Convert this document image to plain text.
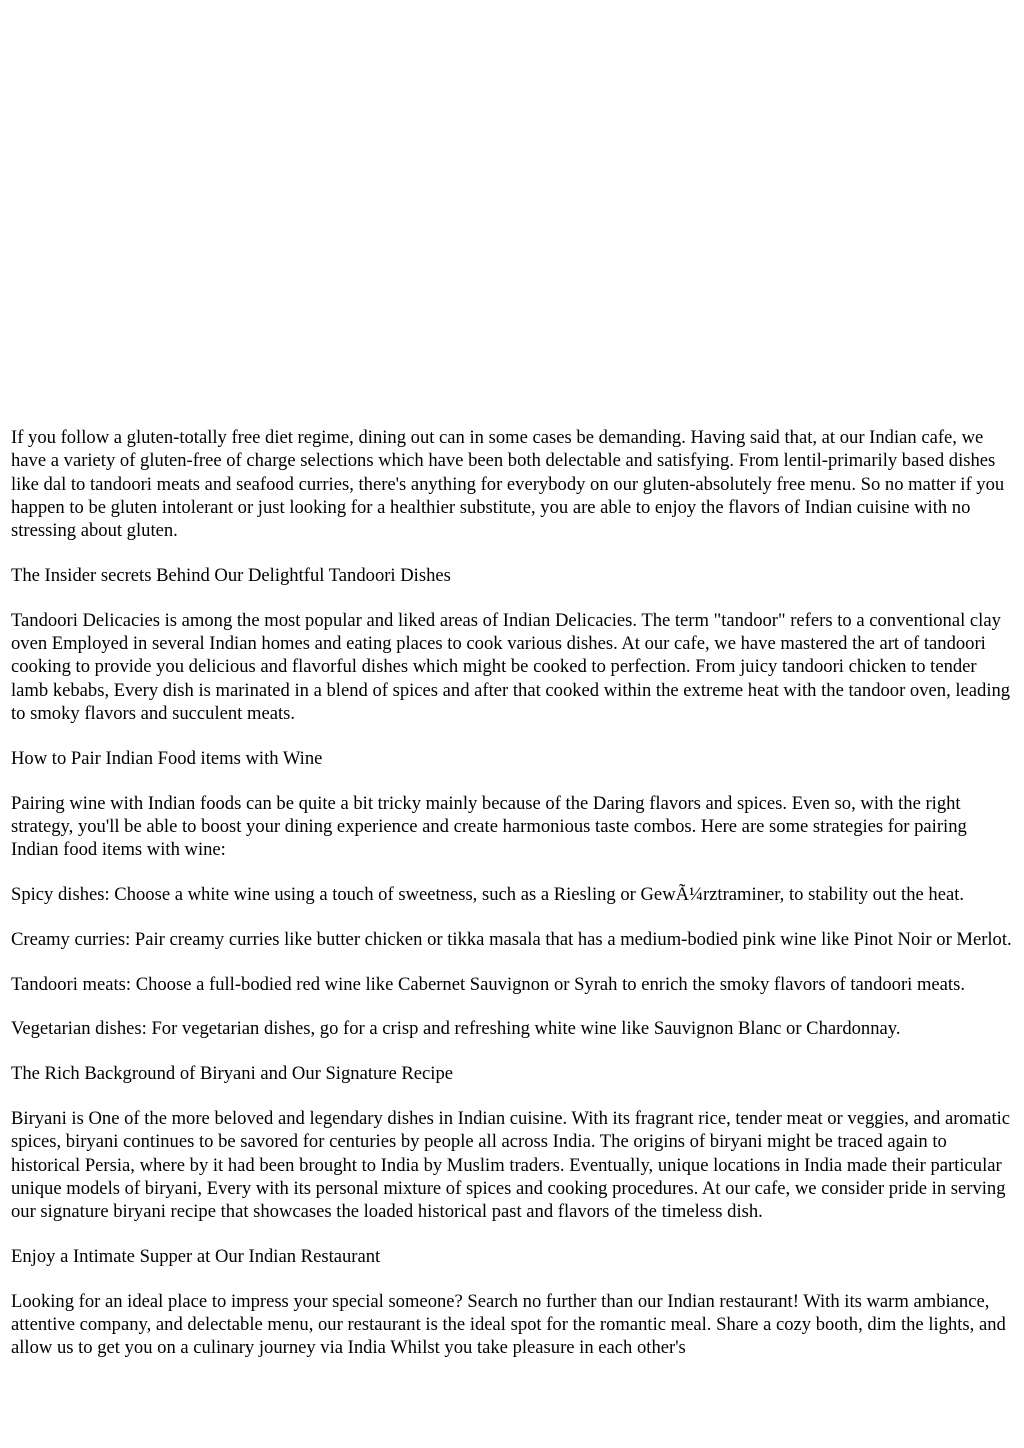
If you follow a gluten-totally free diet regime, dining out can in some cases be demanding. Having said that, at our Indian cafe, we have a variety of gluten-free of charge selections which have been both delectable and satisfying. From lentil-primarily based dishes like dal to tandoori meats and seafood curries, there's anything for everybody on our gluten-absolutely free menu. So no matter if you happen to be gluten intolerant or just looking for a healthier substitute, you are able to enjoy the flavors of Indian cuisine with no stressing about gluten.

The Insider secrets Behind Our Delightful Tandoori Dishes

Tandoori Delicacies is among the most popular and liked areas of Indian Delicacies. The term "tandoor" refers to a conventional clay oven Employed in several Indian homes and eating places to cook various dishes. At our cafe, we have mastered the art of tandoori cooking to provide you delicious and flavorful dishes which might be cooked to perfection. From juicy tandoori chicken to tender lamb kebabs, Every dish is marinated in a blend of spices and after that cooked within the extreme heat with the tandoor oven, leading to smoky flavors and succulent meats.

How to Pair Indian Food items with Wine

Pairing wine with Indian foods can be quite a bit tricky mainly because of the Daring flavors and spices. Even so, with the right strategy, you'll be able to boost your dining experience and create harmonious taste combos. Here are some strategies for pairing Indian food items with wine:

Spicy dishes: Choose a white wine using a touch of sweetness, such as a Riesling or GewÃ¼rztraminer, to stability out the heat.

Creamy curries: Pair creamy curries like butter chicken or tikka masala that has a medium-bodied pink wine like Pinot Noir or Merlot.

Tandoori meats: Choose a full-bodied red wine like Cabernet Sauvignon or Syrah to enrich the smoky flavors of tandoori meats.

Vegetarian dishes: For vegetarian dishes, go for a crisp and refreshing white wine like Sauvignon Blanc or Chardonnay.

The Rich Background of Biryani and Our Signature Recipe

Biryani is One of the more beloved and legendary dishes in Indian cuisine. With its fragrant rice, tender meat or veggies, and aromatic spices, biryani continues to be savored for centuries by people all across India. The origins of biryani might be traced again to historical Persia, where by it had been brought to India by Muslim traders. Eventually, unique locations in India made their particular unique models of biryani, Every with its personal mixture of spices and cooking procedures. At our cafe, we consider pride in serving our signature biryani recipe that showcases the loaded historical past and flavors of the timeless dish.

Enjoy a Intimate Supper at Our Indian Restaurant

Looking for an ideal place to impress your special someone? Search no further than our Indian restaurant! With its warm ambiance, attentive company, and delectable menu, our restaurant is the ideal spot for the romantic meal. Share a cozy booth, dim the lights, and allow us to get you on a culinary journey via India Whilst you take pleasure in each other's
